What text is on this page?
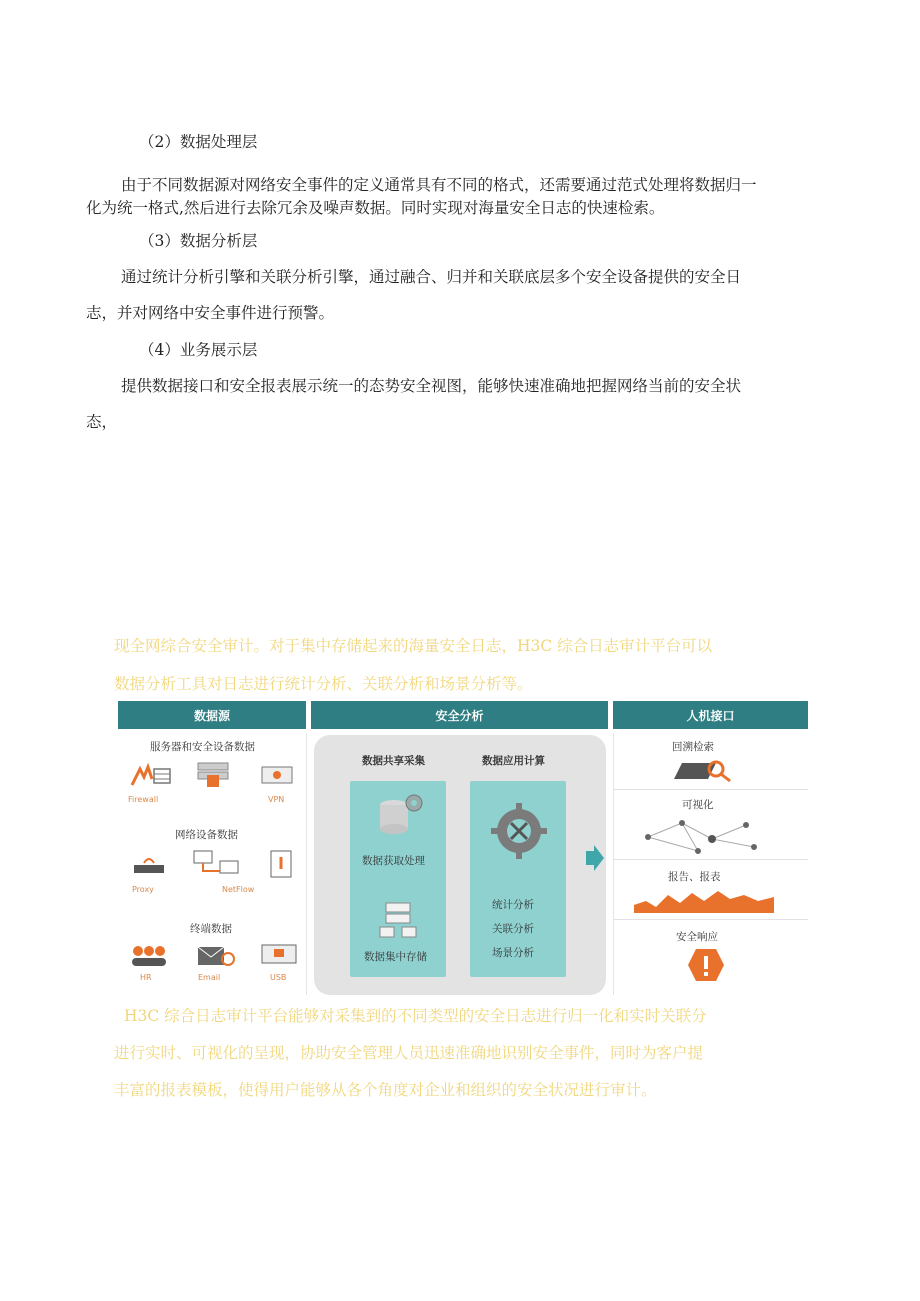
（2）数据处理层
由于不同数据源对网络安全事件的定义通常具有不同的格式，还需要通过范式处理将数据归一
化为统一格式,然后进行去除冗余及噪声数据。同时实现对海量安全日志的快速检索。
（3）数据分析层
通过统计分析引擎和关联分析引擎，通过融合、归并和关联底层多个安全设备提供的安全日
志，并对网络中安全事件进行预警。
（4）业务展示层
提供数据接口和安全报表展示统一的态势安全视图，能够快速准确地把握网络当前的安全状
态，
现全网综合安全审计。对于集中存储起来的海量安全日志，H3C 综合日志审计平台可以
数据分析工具对日志进行统计分析、关联分析和场景分析等。
数据源	安全分析	人机接口
服务器和安全设备数据
Firewall	VPN
网络设备数据
Proxy	NetFlow
终端数据
HR	Email	USB
数据共享采集	数据应用计算
数据获取处理
数据集中存储
统计分析
关联分析
场景分析
回溯检索
可视化
报告、报表
安全响应
H3C 综合日志审计平台能够对采集到的不同类型的安全日志进行归一化和实时关联分
进行实时、可视化的呈现，协助安全管理人员迅速准确地识别安全事件，同时为客户提
丰富的报表模板，使得用户能够从各个角度对企业和组织的安全状况进行审计。
